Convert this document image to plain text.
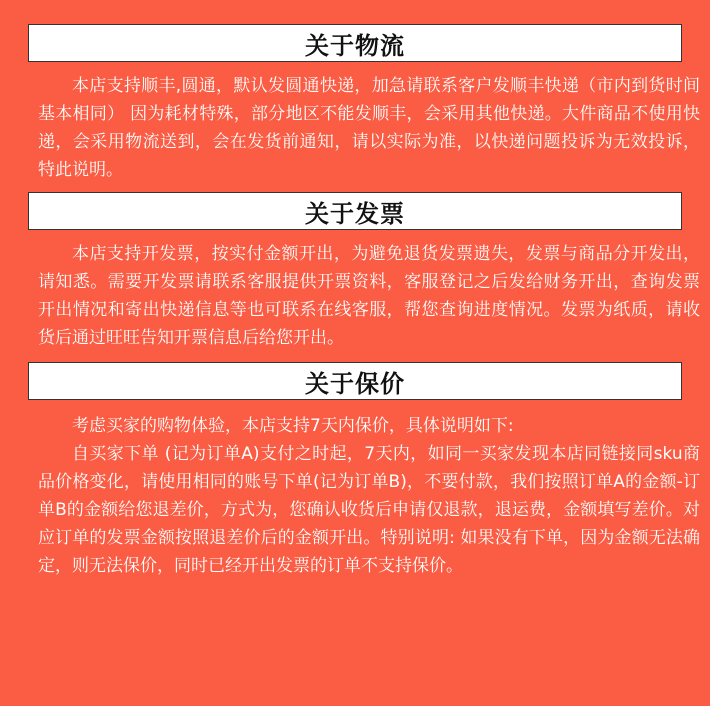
关于物流
本店支持顺丰,圆通，默认发圆通快递，加急请联系客户发顺丰快递（市内到货时间基本相同） 因为耗材特殊，部分地区不能发顺丰，会采用其他快递。大件商品不使用快递，会采用物流送到，会在发货前通知，请以实际为准，以快递问题投诉为无效投诉，特此说明。
关于发票
本店支持开发票，按实付金额开出，为避免退货发票遗失，发票与商品分开发出，请知悉。需要开发票请联系客服提供开票资料，客服登记之后发给财务开出，查询发票开出情况和寄出快递信息等也可联系在线客服，帮您查询进度情况。发票为纸质，请收货后通过旺旺告知开票信息后给您开出。
关于保价

考虑买家的购物体验，本店支持7天内保价，具体说明如下:

自买家下单 (记为订单A)支付之时起，7天内，如同一买家发现本店同链接同sku商品价格变化，请使用相同的账号下单(记为订单B)，不要付款，我们按照订单A的金额-订单B的金额给您退差价，方式为，您确认收货后申请仅退款，退运费，金额填写差价。对应订单的发票金额按照退差价后的金额开出。特别说明: 如果没有下单，因为金额无法确定，则无法保价，同时已经开出发票的订单不支持保价。
